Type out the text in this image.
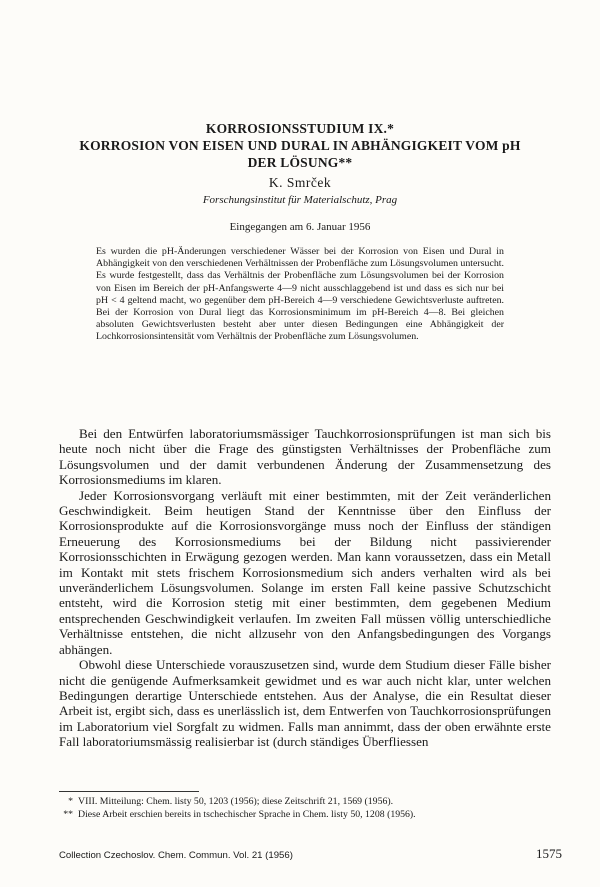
KORROSIONSSTUDIUM IX.*
KORROSION VON EISEN UND DURAL IN ABHÄNGIGKEIT VOM pH
DER LÖSUNG**
K. Smrček
Forschungsinstitut für Materialschutz, Prag
Eingegangen am 6. Januar 1956
Es wurden die pH-Änderungen verschiedener Wässer bei der Korrosion von Eisen und Dural in Abhängigkeit von den verschiedenen Verhältnissen der Probenfläche zum Lösungsvolumen untersucht. Es wurde festgestellt, dass das Verhältnis der Probenfläche zum Lösungsvolumen bei der Korrosion von Eisen im Bereich der pH-Anfangswerte 4—9 nicht ausschlaggebend ist und dass es sich nur bei pH < 4 geltend macht, wo gegenüber dem pH-Bereich 4—9 verschiedene Gewichtsverluste auftreten. Bei der Korrosion von Dural liegt das Korrosionsminimum im pH-Bereich 4—8. Bei gleichen absoluten Gewichtsverlusten besteht aber unter diesen Bedingungen eine Abhängigkeit der Lochkorrosionsintensität vom Verhältnis der Probenfläche zum Lösungsvolumen.

Bei den Entwürfen laboratoriumsmässiger Tauchkorrosionsprüfungen ist man sich bis heute noch nicht über die Frage des günstigsten Verhältnisses der Probenfläche zum Lösungsvolumen und der damit verbundenen Änderung der Zusammensetzung des Korrosionsmediums im klaren.

Jeder Korrosionsvorgang verläuft mit einer bestimmten, mit der Zeit veränderlichen Geschwindigkeit. Beim heutigen Stand der Kenntnisse über den Einfluss der Korrosionsprodukte auf die Korrosionsvorgänge muss noch der Einfluss der ständigen Erneuerung des Korrosionsmediums bei der Bildung nicht passivierender Korrosionsschichten in Erwägung gezogen werden. Man kann voraussetzen, dass ein Metall im Kontakt mit stets frischem Korrosionsmedium sich anders verhalten wird als bei unveränderlichem Lösungsvolumen. Solange im ersten Fall keine passive Schutzschicht entsteht, wird die Korrosion stetig mit einer bestimmten, dem gegebenen Medium entsprechenden Geschwindigkeit verlaufen. Im zweiten Fall müssen völlig unterschiedliche Verhältnisse entstehen, die nicht allzusehr von den Anfangsbedingungen des Vorgangs abhängen.

Obwohl diese Unterschiede vorauszusetzen sind, wurde dem Studium dieser Fälle bisher nicht die genügende Aufmerksamkeit gewidmet und es war auch nicht klar, unter welchen Bedingungen derartige Unterschiede entstehen. Aus der Analyse, die ein Resultat dieser Arbeit ist, ergibt sich, dass es unerlässlich ist, dem Entwerfen von Tauchkorrosionsprüfungen im Laboratorium viel Sorgfalt zu widmen. Falls man annimmt, dass der oben erwähnte erste Fall laboratoriumsmässig realisierbar ist (durch ständiges Überfliessen

* VIII. Mitteilung: Chem. listy 50, 1203 (1956); diese Zeitschrift 21, 1569 (1956).
** Diese Arbeit erschien bereits in tschechischer Sprache in Chem. listy 50, 1208 (1956).
Collection Czechoslov. Chem. Commun. Vol. 21 (1956)	1575
